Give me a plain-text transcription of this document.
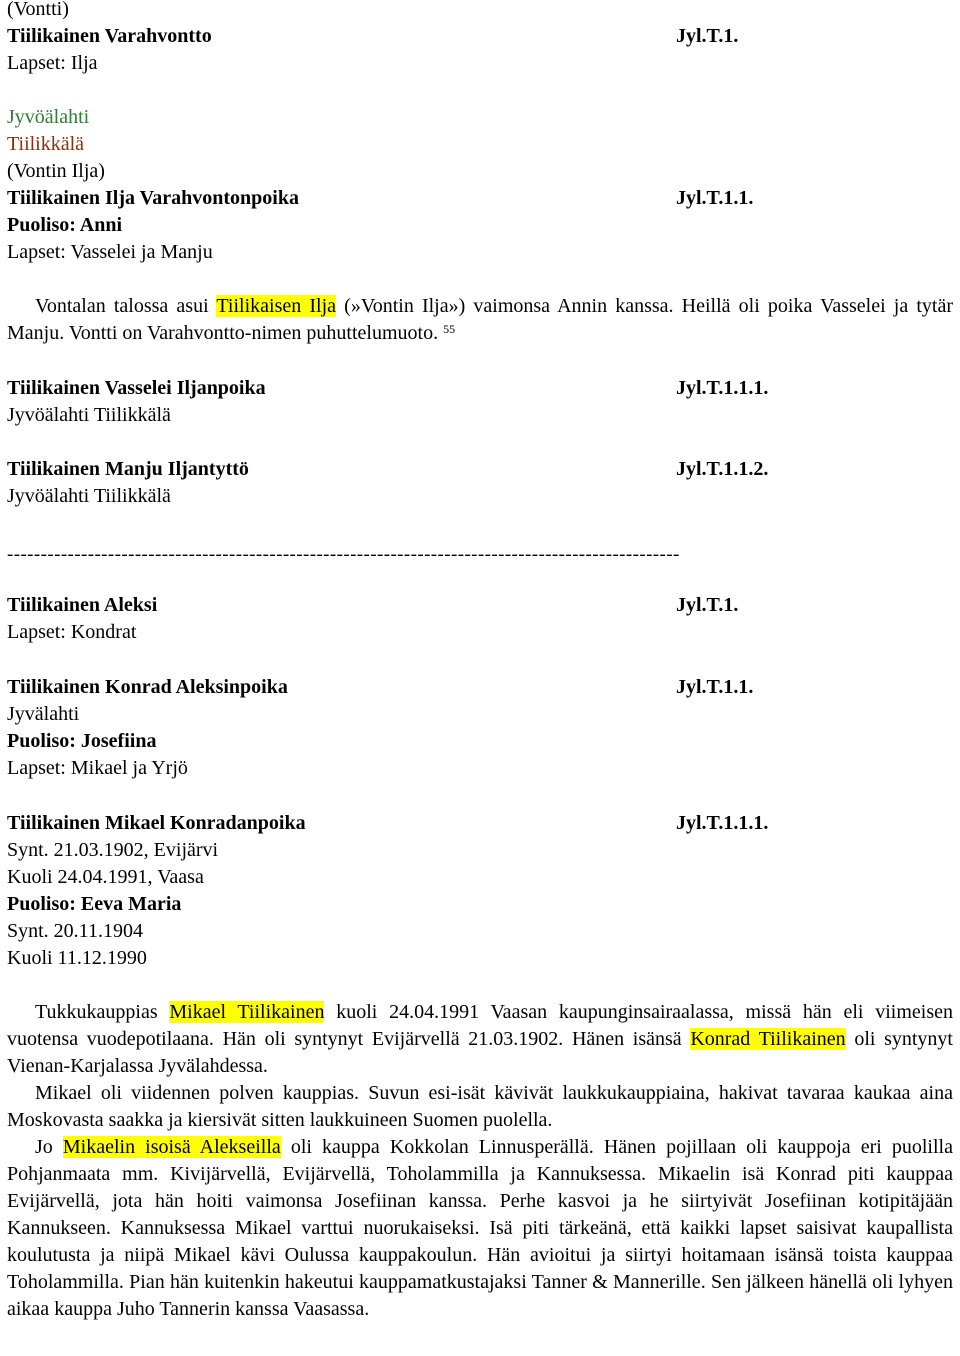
(Vontti)
Tiilikainen Varahvontto	Jyl.T.1.
Lapset: Ilja
Jyvöälahti
Tiilikkälä
(Vontin Ilja)
Tiilikainen Ilja Varahvontonpoika	Jyl.T.1.1.
Puoliso: Anni
Lapset: Vasselei ja Manju
Vontalan talossa asui Tiilikaisen Ilja (»Vontin Ilja») vaimonsa Annin kanssa. Heillä oli poika Vasselei ja tytär Manju. Vontti on Varahvontto-nimen puhuttelumuoto. $^{55}$
Tiilikainen Vasselei Iljanpoika	Jyl.T.1.1.1.
Jyvöälahti Tiilikkälä
Tiilikainen Manju Iljantyttö	Jyl.T.1.1.2.
Jyvöälahti Tiilikkälä
----------------------------------------------------------------------------------------------------
Tiilikainen Aleksi	Jyl.T.1.
Lapset: Kondrat
Tiilikainen Konrad Aleksinpoika	Jyl.T.1.1.
Jyvälahti
Puoliso: Josefiina
Lapset: Mikael ja Yrjö
Tiilikainen Mikael Konradanpoika	Jyl.T.1.1.1.
Synt. 21.03.1902, Evijärvi
Kuoli 24.04.1991, Vaasa
Puoliso: Eeva Maria
Synt. 20.11.1904
Kuoli 11.12.1990
Tukkukauppias Mikael Tiilikainen kuoli 24.04.1991 Vaasan kaupunginsairaalassa, missä hän eli viimeisen vuotensa vuodepotilaana. Hän oli syntynyt Evijärvellä 21.03.1902. Hänen isänsä Konrad Tiilikainen oli syntynyt Vienan-Karjalassa Jyvälahdessa.
Mikael oli viidennen polven kauppias. Suvun esi-isät kävivät laukkukauppiaina, hakivat tavaraa kaukaa aina Moskovasta saakka ja kiersivät sitten laukkuineen Suomen puolella.
Jo Mikaelin isoisä Alekseilla oli kauppa Kokkolan Linnusperällä. Hänen pojillaan oli kauppoja eri puolilla Pohjanmaata mm. Kivijärvellä, Evijärvellä, Toholammilla ja Kannuksessa. Mikaelin isä Konrad piti kauppaa Evijärvellä, jota hän hoiti vaimonsa Josefiinan kanssa. Perhe kasvoi ja he siirtyivät Josefiinan kotipitäjään Kannukseen. Kannuksessa Mikael varttui nuorukaiseksi. Isä piti tärkeänä, että kaikki lapset saisivat kaupallista koulutusta ja niipä Mikael kävi Oulussa kauppakoulun. Hän avioitui ja siirtyi hoitamaan isänsä toista kauppaa Toholammilla. Pian hän kuitenkin hakeutui kauppamatkustajaksi Tanner & Mannerille. Sen jälkeen hänellä oli lyhyen aikaa kauppa Juho Tannerin kanssa Vaasassa.
